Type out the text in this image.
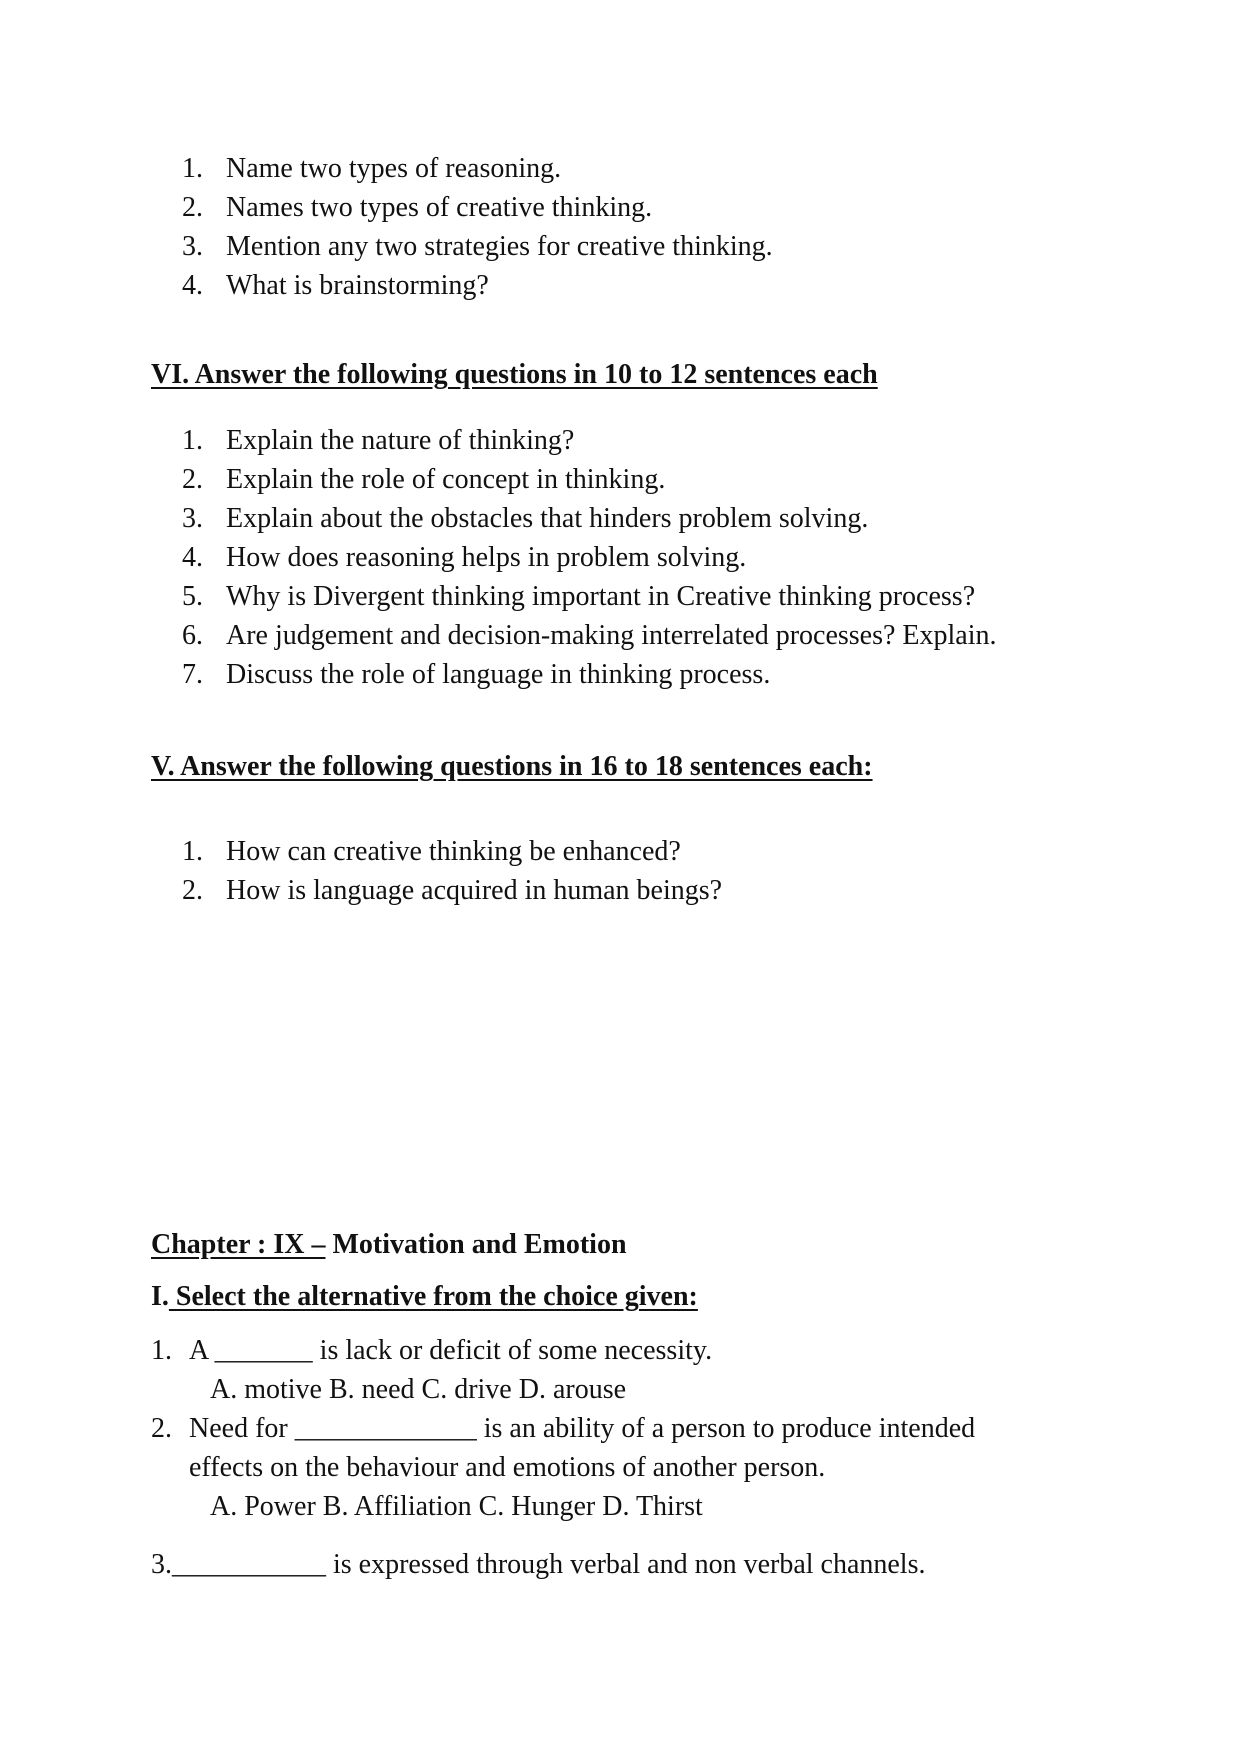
1. Name two types of reasoning.
2. Names two types of creative thinking.
3. Mention any two strategies for creative thinking.
4. What is brainstorming?
VI. Answer the following questions in 10 to 12 sentences each
1. Explain the nature of thinking?
2. Explain the role of concept in thinking.
3. Explain about the obstacles that hinders problem solving.
4. How does reasoning helps in problem solving.
5. Why is Divergent thinking important in Creative thinking process?
6. Are judgement and decision-making interrelated processes? Explain.
7. Discuss the role of language in thinking process.
V. Answer the following questions in 16 to 18 sentences each:
1. How can creative thinking be enhanced?
2. How is language acquired in human beings?
Chapter : IX – Motivation and Emotion
I. Select the alternative from the choice given:
1. A _______ is lack or deficit of some necessity.
A. motive B. need C. drive D. arouse
2. Need for _____________ is an ability of a person to produce intended
effects on the behaviour and emotions of another person.
A. Power B. Affiliation C. Hunger D. Thirst
3.___________ is expressed through verbal and non verbal channels.
